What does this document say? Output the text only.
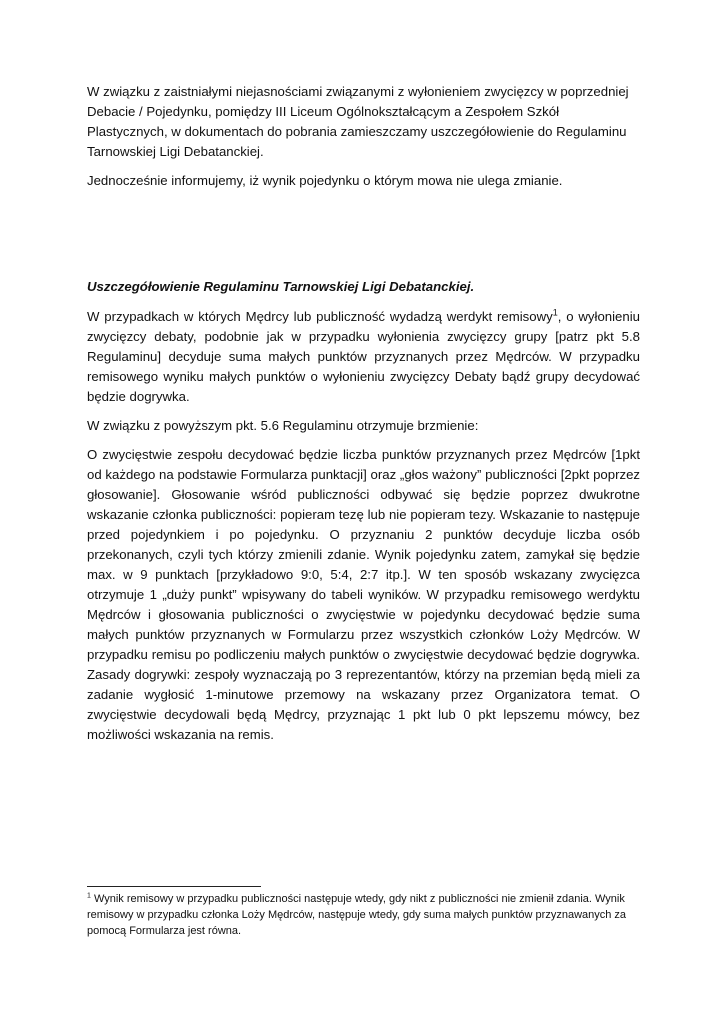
W związku z zaistniałymi niejasnościami związanymi z wyłonieniem zwycięzcy w poprzedniej Debacie / Pojedynku, pomiędzy III Liceum Ogólnokształcącym a Zespołem Szkół Plastycznych, w dokumentach do pobrania zamieszczamy uszczegółowienie do Regulaminu Tarnowskiej Ligi Debatanckiej.

Jednocześnie informujemy, iż wynik pojedynku o którym mowa nie ulega zmianie.

Uszczegółowienie Regulaminu Tarnowskiej Ligi Debatanckiej.

W przypadkach w których Mędrcy lub publiczność wydadzą werdykt remisowy$^1$, o wyłonieniu zwycięzcy debaty, podobnie jak w przypadku wyłonienia zwycięzcy grupy [patrz pkt 5.8 Regulaminu] decyduje suma małych punktów przyznanych przez Mędrców. W przypadku remisowego wyniku małych punktów o wyłonieniu zwycięzcy Debaty bądź grupy decydować będzie dogrywka.

W związku z powyższym pkt. 5.6 Regulaminu otrzymuje brzmienie:

O zwycięstwie zespołu decydować będzie liczba punktów przyznanych przez Mędrców [1pkt od każdego na podstawie Formularza punktacji] oraz „głos ważony” publiczności [2pkt poprzez głosowanie]. Głosowanie wśród publiczności odbywać się będzie poprzez dwukrotne wskazanie członka publiczności: popieram tezę lub nie popieram tezy. Wskazanie to następuje przed pojedynkiem i po pojedynku. O przyznaniu 2 punktów decyduje liczba osób przekonanych, czyli tych którzy zmienili zdanie. Wynik pojedynku zatem, zamykał się będzie max. w 9 punktach [przykładowo 9:0, 5:4, 2:7 itp.]. W ten sposób wskazany zwycięzca otrzymuje 1 „duży punkt” wpisywany do tabeli wyników. W przypadku remisowego werdyktu Mędrców i głosowania publiczności o zwycięstwie w pojedynku decydować będzie suma małych punktów przyznanych w Formularzu przez wszystkich członków Loży Mędrców. W przypadku remisu po podliczeniu małych punktów o zwycięstwie decydować będzie dogrywka. Zasady dogrywki: zespoły wyznaczają po 3 reprezentantów, którzy na przemian będą mieli za zadanie wygłosić 1-minutowe przemowy na wskazany przez Organizatora temat. O zwycięstwie decydowali będą Mędrcy, przyznając 1 pkt lub 0 pkt lepszemu mówcy, bez możliwości wskazania na remis.

$^1$ Wynik remisowy w przypadku publiczności następuje wtedy, gdy nikt z publiczności nie zmienił zdania. Wynik remisowy w przypadku członka Loży Mędrców, następuje wtedy, gdy suma małych punktów przyznawanych za pomocą Formularza jest równa.
